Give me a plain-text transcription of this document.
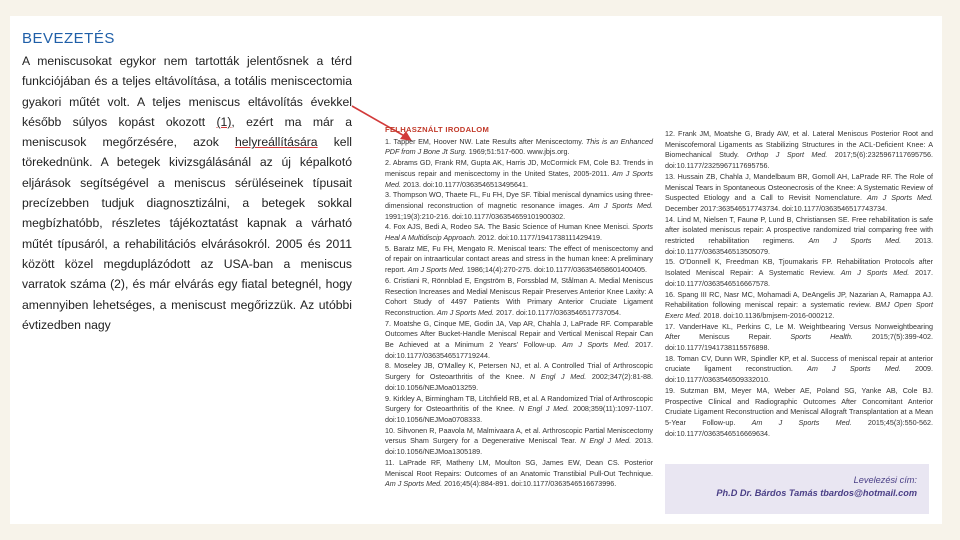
BEVEZETÉS
A meniscusokat egykor nem tartották jelentősnek a térd funkciójában és a teljes eltávolítása, a totális meniscectomia gyakori műtét volt. A teljes meniscus eltávolítás évekkel később súlyos kopást okozott (1), ezért ma már a meniscusok megőrzésére, azok helyreállítására kell törekednünk. A betegek kivizsgálásánál az új képalkotó eljárások segítségével a meniscus sérüléseinek típusait precízebben tudjuk diagnosztizálni, a betegek sokkal megbízhatóbb, részletes tájékoztatást kapnak a várható műtét típusáról, a rehabilitációs elvárásokról. 2005 és 2011 között közel megduplázódott az USA-ban a meniscus varratok száma (2), és már elvárás egy fiatal betegnél, hogy amennyiben lehetséges, a meniscust megőrizzük. Az utóbbi évtizedben nagy
FELHASZNÁLT IRODALOM

1. Tapper EM, Hoover NW. Late Results after Meniscectomy. This is an Enhanced PDF from J Bone Jt Surg. 1969;51:517-600. www.jbjs.org.

2. Abrams GD, Frank RM, Gupta AK, Harris JD, McCormick FM, Cole BJ. Trends in meniscus repair and meniscectomy in the United States, 2005-2011. Am J Sports Med. 2013. doi:10.1177/0363546513495641.

3. Thompson WO, Thaete FL, Fu FH, Dye SF. Tibial meniscal dynamics using three-dimensional reconstruction of magnetic resonance images. Am J Sports Med. 1991;19(3):210-216. doi:10.1177/036354659101900302.

4. Fox AJS, Bedi A, Rodeo SA. The Basic Science of Human Knee Menisci. Sports Heal A Multidiscip Approach. 2012. doi:10.1177/1941738111429419.

5. Baratz ME, Fu FH, Mengato R. Meniscal tears: The effect of meniscectomy and of repair on intraarticular contact areas and stress in the human knee: A preliminary report. Am J Sports Med. 1986;14(4):270-275. doi:10.1177/036354658601400405.

6. Cristiani R, Rönnblad E, Engström B, Forssblad M, Stålman A. Medial Meniscus Resection Increases and Medial Meniscus Repair Preserves Anterior Knee Laxity: A Cohort Study of 4497 Patients With Primary Anterior Cruciate Ligament Reconstruction. Am J Sports Med. 2017. doi:10.1177/0363546517737054.

7. Moatshe G, Cinque ME, Godin JA, Vap AR, Chahla J, LaPrade RF. Comparable Outcomes After Bucket-Handle Meniscal Repair and Vertical Meniscal Repair Can Be Achieved at a Minimum 2 Years' Follow-up. Am J Sports Med. 2017. doi:10.1177/0363546517719244.

8. Moseley JB, O'Malley K, Petersen NJ, et al. A Controlled Trial of Arthroscopic Surgery for Osteoarthritis of the Knee. N Engl J Med. 2002;347(2):81-88. doi:10.1056/NEJMoa013259.

9. Kirkley A, Birmingham TB, Litchfield RB, et al. A Randomized Trial of Arthroscopic Surgery for Osteoarthritis of the Knee. N Engl J Med. 2008;359(11):1097-1107. doi:10.1056/NEJMoa0708333.

10. Sihvonen R, Paavola M, Malmivaara A, et al. Arthroscopic Partial Meniscectomy versus Sham Surgery for a Degenerative Meniscal Tear. N Engl J Med. 2013. doi:10.1056/NEJMoa1305189.

11. LaPrade RF, Matheny LM, Moulton SG, James EW, Dean CS. Posterior Meniscal Root Repairs: Outcomes of an Anatomic Transtibial Pull-Out Technique. Am J Sports Med. 2016;45(4):884-891. doi:10.1177/0363546516673996.

12. Frank JM, Moatshe G, Brady AW, et al. Lateral Meniscus Posterior Root and Meniscofemoral Ligaments as Stabilizing Structures in the ACL-Deficient Knee: A Biomechanical Study. Orthop J Sport Med. 2017;5(6):2325967117695756. doi:10.1177/2325967117695756.

13. Hussain ZB, Chahla J, Mandelbaum BR, Gomoll AH, LaPrade RF. The Role of Meniscal Tears in Spontaneous Osteonecrosis of the Knee: A Systematic Review of Suspected Etiology and a Call to Revisit Nomenclature. Am J Sports Med. December 2017:363546517743734. doi:10.1177/0363546517743734.

14. Lind M, Nielsen T, Faunø P, Lund B, Christiansen SE. Free rehabilitation is safe after isolated meniscus repair: A prospective randomized trial comparing free with restricted rehabilitation regimens. Am J Sports Med. 2013. doi:10.1177/0363546513505079.

15. O'Donnell K, Freedman KB, Tjoumakaris FP. Rehabilitation Protocols after Isolated Meniscal Repair: A Systematic Review. Am J Sports Med. 2017. doi:10.1177/0363546516667578.

16. Spang III RC, Nasr MC, Mohamadi A, DeAngelis JP, Nazarian A, Ramappa AJ. Rehabilitation following meniscal repair: a systematic review. BMJ Open Sport Exerc Med. 2018. doi:10.1136/bmjsem-2016-000212.

17. VanderHave KL, Perkins C, Le M. Weightbearing Versus Nonweightbearing After Meniscus Repair. Sports Health. 2015;7(5):399-402. doi:10.1177/1941738115576898.

18. Toman CV, Dunn WR, Spindler KP, et al. Success of meniscal repair at anterior cruciate ligament reconstruction. Am J Sports Med. 2009. doi:10.1177/0363546509332010.

19. Sutzman BM, Meyer MA, Weber AE, Poland SG, Yanke AB, Cole BJ. Prospective Clinical and Radiographic Outcomes After Concomitant Anterior Cruciate Ligament Reconstruction and Meniscal Allograft Transplantation at a Mean 5-Year Follow-up. Am J Sports Med. 2015;45(3):550-562. doi:10.1177/0363546516669634.

Levelezési cím:
Ph.D Dr. Bárdos Tamás tbardos@hotmail.com
